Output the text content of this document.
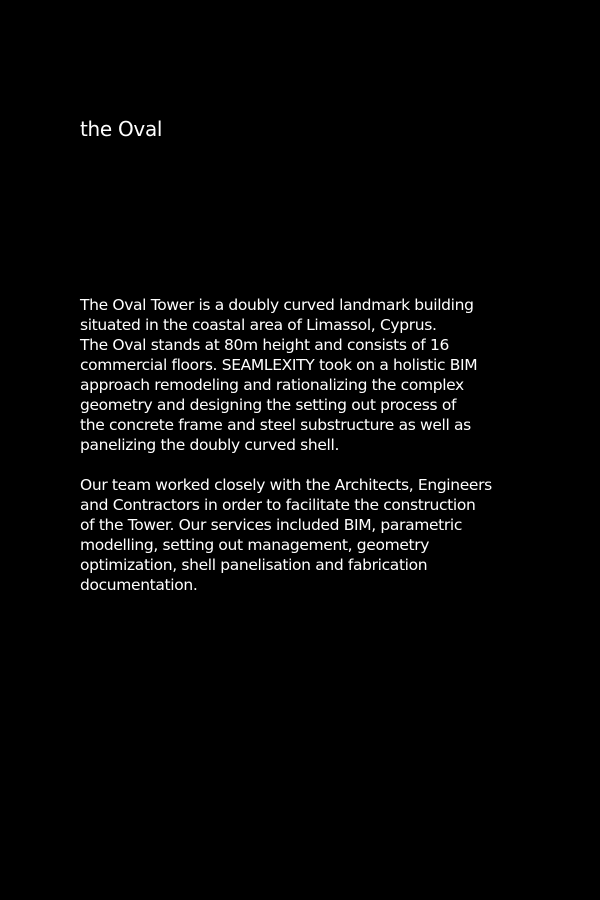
the Oval

The Oval Tower is a doubly curved landmark building
situated in the coastal area of Limassol, Cyprus.
The Oval stands at 80m height and consists of 16
commercial floors. SEAMLEXITY took on a holistic BIM
approach remodeling and rationalizing the complex
geometry and designing the setting out process of
the concrete frame and steel substructure as well as
panelizing the doubly curved shell.

Our team worked closely with the Architects, Engineers
and Contractors in order to facilitate the construction
of the Tower. Our services included BIM, parametric
modelling, setting out management, geometry
optimization, shell panelisation and fabrication
documentation.
